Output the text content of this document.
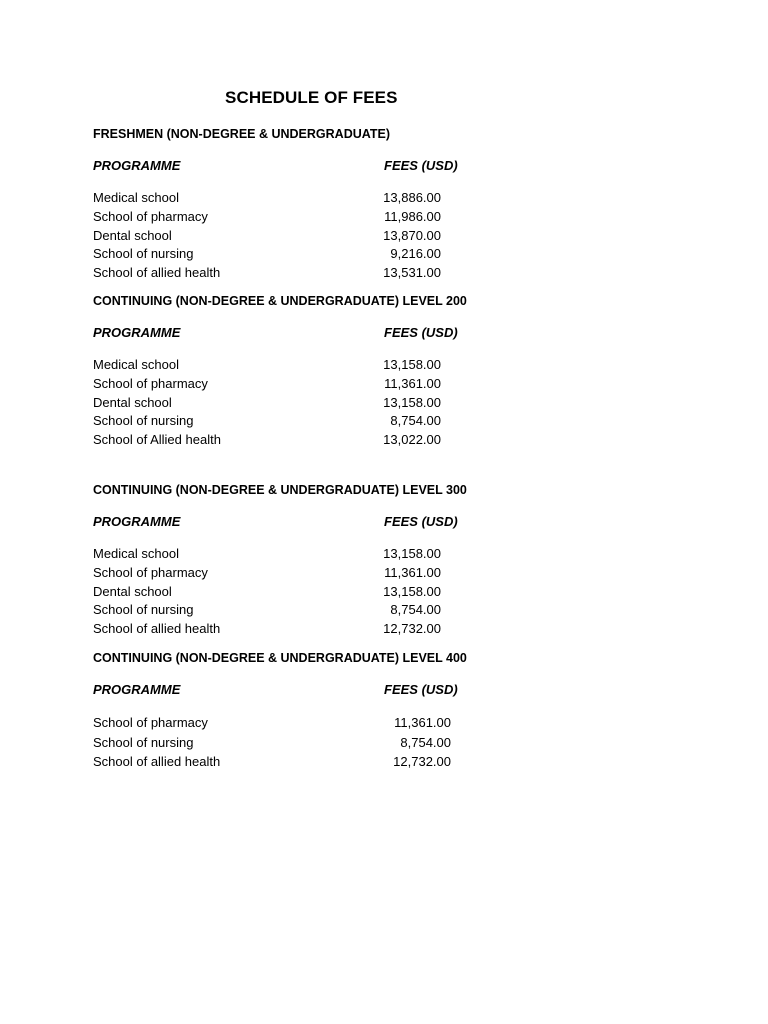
SCHEDULE OF FEES
FRESHMEN (NON-DEGREE & UNDERGRADUATE)
PROGRAMME	FEES (USD)
Medical school	13,886.00
School of pharmacy	11,986.00
Dental school	13,870.00
School of nursing	9,216.00
School of allied health	13,531.00
CONTINUING (NON-DEGREE & UNDERGRADUATE) LEVEL 200
PROGRAMME	FEES (USD)
Medical school	13,158.00
School of pharmacy	11,361.00
Dental school	13,158.00
School of nursing	8,754.00
School of Allied health	13,022.00
CONTINUING (NON-DEGREE & UNDERGRADUATE) LEVEL 300
PROGRAMME	FEES (USD)
Medical school	13,158.00
School of pharmacy	11,361.00
Dental school	13,158.00
School of nursing	8,754.00
School of allied health	12,732.00
CONTINUING (NON-DEGREE & UNDERGRADUATE) LEVEL 400
PROGRAMME	FEES (USD)
School of pharmacy	11,361.00
School of nursing	8,754.00
School of allied health	12,732.00
